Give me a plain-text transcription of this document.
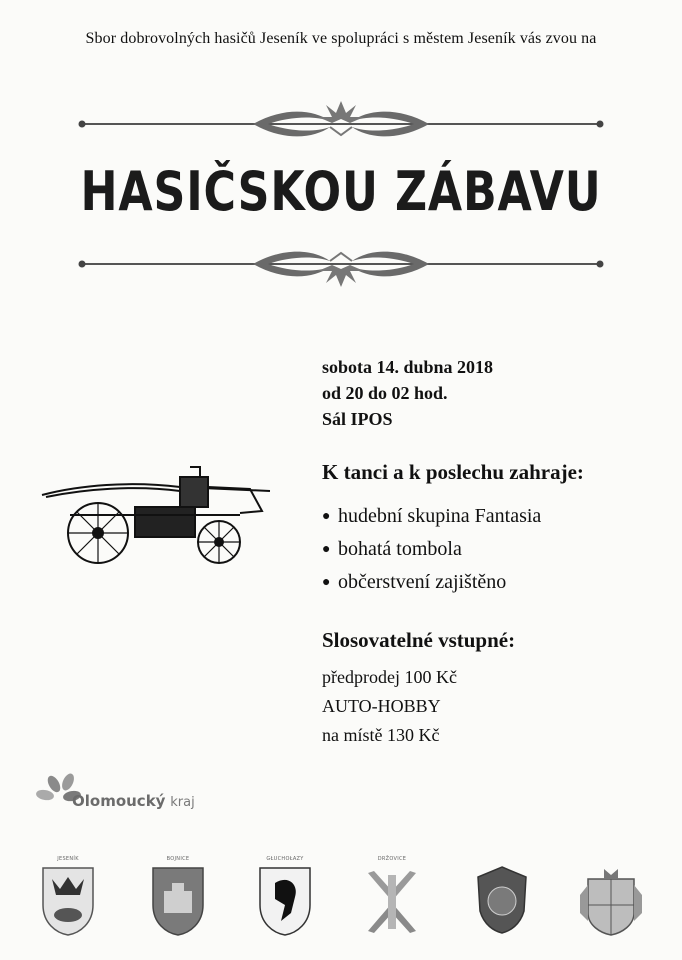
Sbor dobrovolných hasičů Jeseník ve spolupráci s městem Jeseník vás zvou na
HASIČSKOU ZÁBAVU
sobota 14. dubna 2018
od 20 do 02 hod.
Sál IPOS
K tanci a k poslechu zahraje:
● hudební skupina Fantasia
● bohatá tombola
● občerstvení zajištěno
Slosovatelné vstupné:
předprodej 100 Kč
AUTO-HOBBY
na místě 130 Kč
Olomoucký kraj
JESENÍK	BOJNICE	GŁUCHOŁAZY	DRŽOVICE
